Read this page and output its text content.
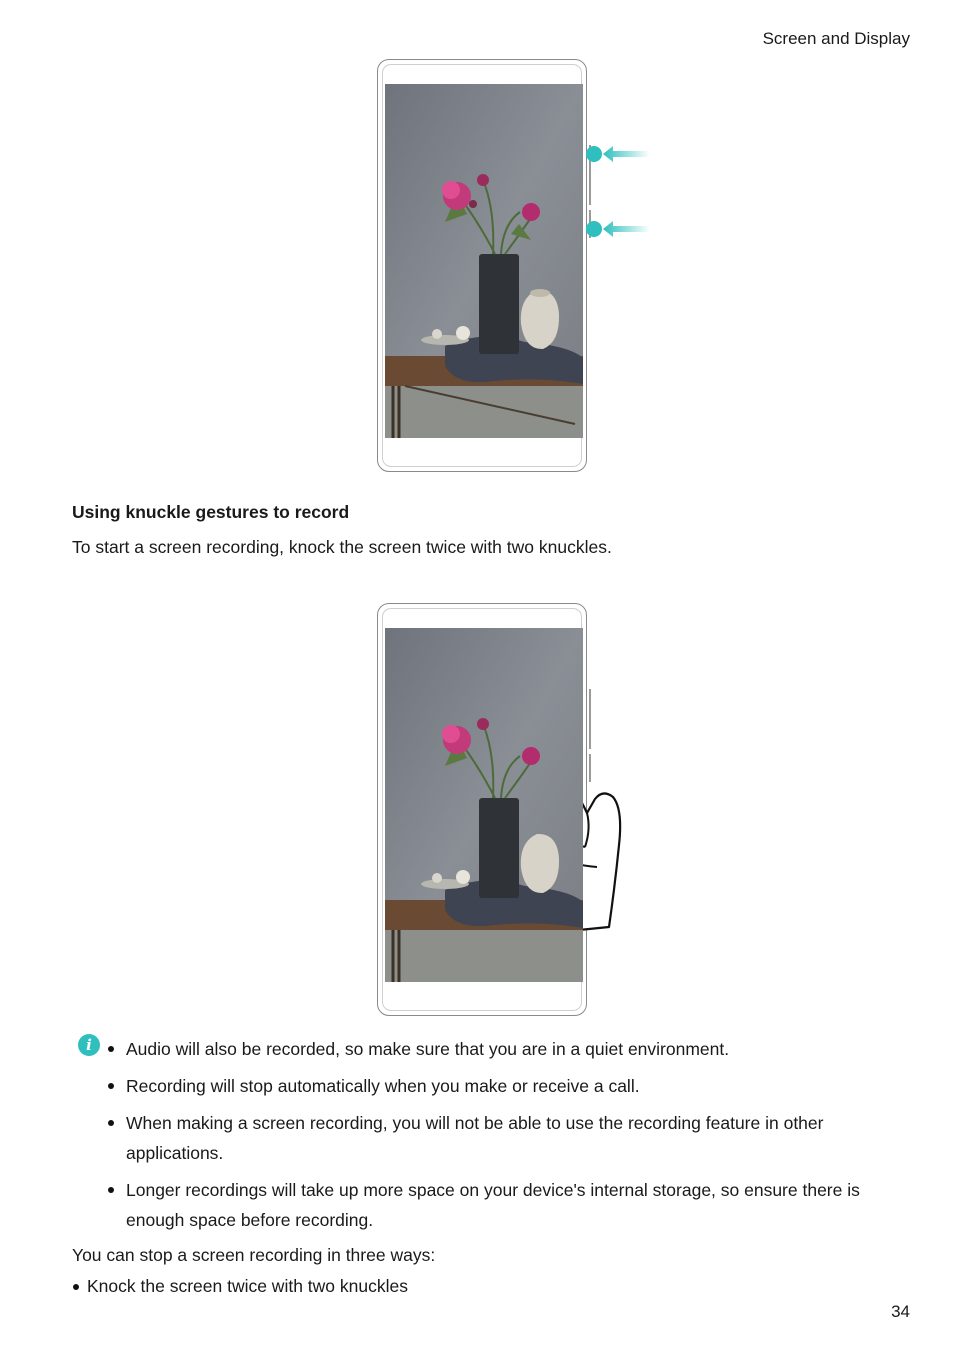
Screen and Display
Using knuckle gestures to record
To start a screen recording, knock the screen twice with two knuckles.
i	Audio will also be recorded, so make sure that you are in a quiet environment.
Recording will stop automatically when you make or receive a call.
When making a screen recording, you will not be able to use the recording feature in other applications.
Longer recordings will take up more space on your device's internal storage, so ensure there is enough space before recording.
You can stop a screen recording in three ways:
Knock the screen twice with two knuckles
34
